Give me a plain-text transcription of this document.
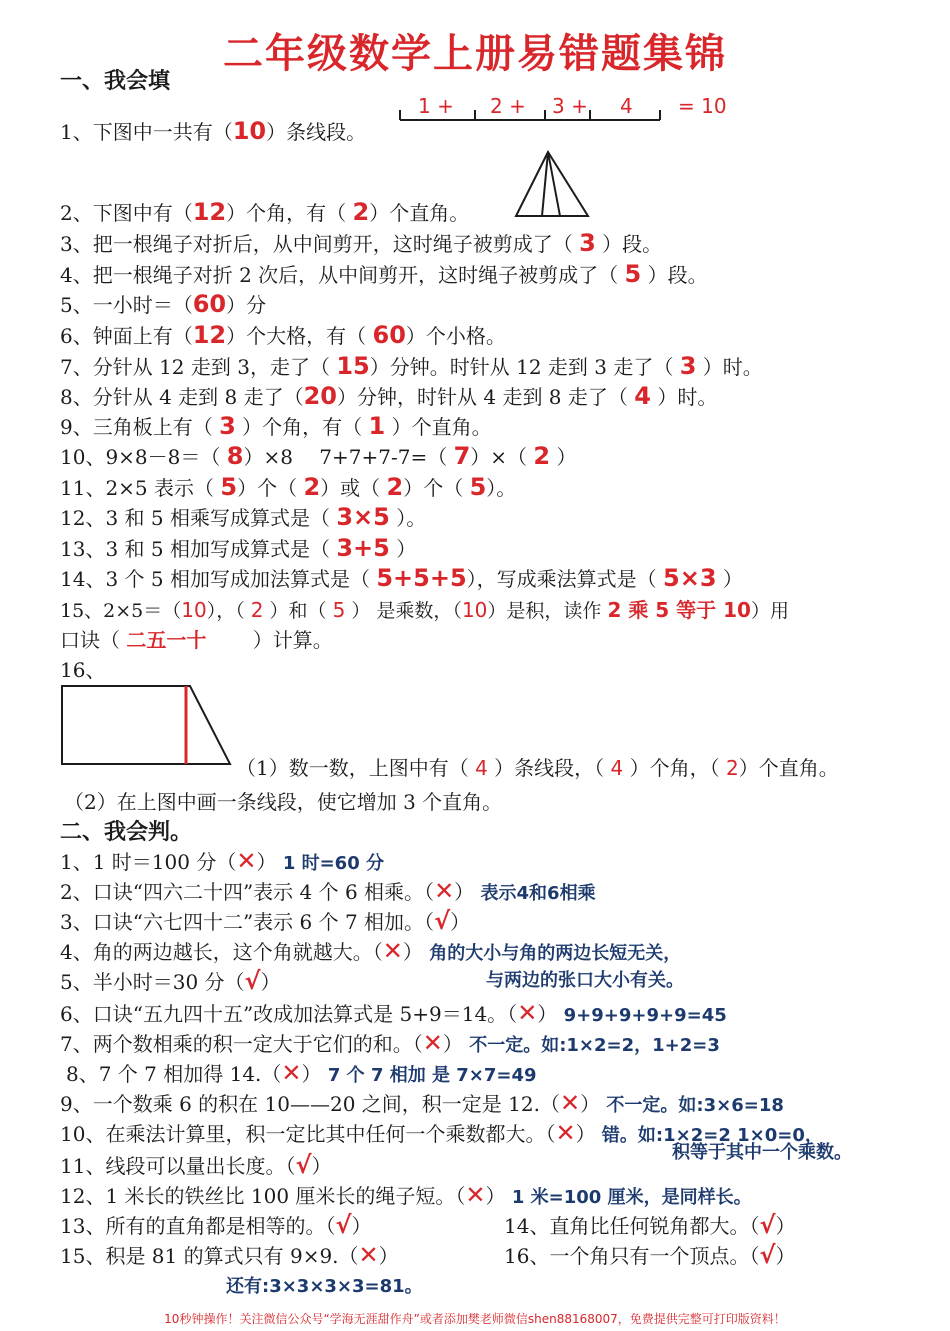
二年级数学上册易错题集锦
一、我会填
1 + 2 + 3 + 4 = 10
1、下图中一共有（10）条线段。
2、下图中有（12）个角，有（ 2）个直角。
3、把一根绳子对折后，从中间剪开，这时绳子被剪成了（ 3 ）段。
4、把一根绳子对折 2 次后，从中间剪开，这时绳子被剪成了（ 5 ）段。
5、一小时＝（60）分
6、钟面上有（12）个大格，有（ 60）个小格。
7、分针从 12 走到 3，走了（ 15）分钟。时针从 12 走到 3 走了（ 3 ）时。
8、分针从 4 走到 8 走了（20）分钟，时针从 4 走到 8 走了（ 4 ）时。
9、三角板上有（ 3 ）个角，有（ 1 ）个直角。
10、9×8－8＝（ 8）×8　 7+7+7-7=（ 7）×（ 2 ）
11、2×5 表示（ 5）个（ 2）或（ 2）个（ 5）。
12、3 和 5 相乘写成算式是（ 3×5 ）。
13、3 和 5 相加写成算式是（ 3+5 ）
14、3 个 5 相加写成加法算式是（ 5+5+5），写成乘法算式是（ 5×3 ）
15、2×5＝（10），（ 2 ）和（ 5 ） 是乘数，（10）是积，读作 2 乘 5 等于 10）用
口诀（ 二五一十　　 ）计算。
16、
（1）数一数，上图中有（ 4 ）条线段，（ 4 ）个角，（ 2）个直角。
（2）在上图中画一条线段，使它增加 3 个直角。
二、我会判。
1、1 时＝100 分（✕） 1 时=60 分
2、口诀“四六二十四”表示 4 个 6 相乘。（✕） 表示4和6相乘
3、口诀“六七四十二”表示 6 个 7 相加。（√）
4、角的两边越长，这个角就越大。（✕） 角的大小与角的两边长短无关，
5、半小时＝30 分（√）	与两边的张口大小有关。
6、口诀“五九四十五”改成加法算式是 5+9＝14。（✕） 9+9+9+9+9=45
7、两个数相乘的积一定大于它们的和。（✕） 不一定。如:1×2=2，1+2=3
8、7 个 7 相加得 14.（✕） 7 个 7 相加 是 7×7=49
9、一个数乘 6 的积在 10——20 之间，积一定是 12.（✕） 不一定。如:3×6=18
10、在乘法计算里，积一定比其中任何一个乘数都大。（✕） 错。如:1×2=2 1×0=0，
11、线段可以量出长度。（√）
积等于其中一个乘数。
12、1 米长的铁丝比 100 厘米长的绳子短。（✕） 1 米=100 厘米，是同样长。
13、所有的直角都是相等的。（√）	14、直角比任何锐角都大。（√）
15、积是 81 的算式只有 9×9.（✕）	16、一个角只有一个顶点。（√）
还有:3×3×3×3=81。
10秒钟操作！关注微信公众号“学海无涯甜作舟”或者添加樊老师微信shen88168007，免费提供完整可打印版资料！
